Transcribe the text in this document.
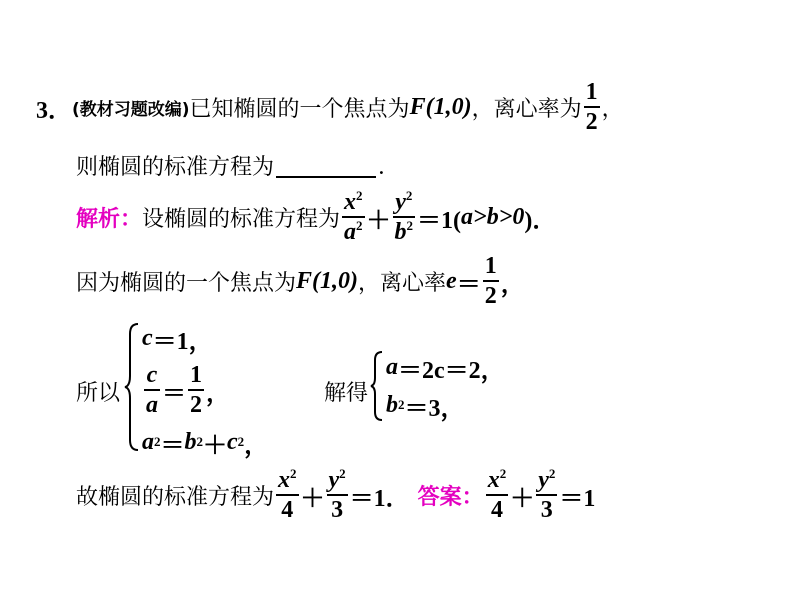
3． (教材习题改编) 已知椭圆的一个焦点为 F(1,0) ，离心率为 $\frac{1}{2}$ ，
则椭圆的标准方程为	．
解析： 设椭圆的标准方程为 $\frac{x^2}{a^2} + \frac{y^2}{b^2} =1$( a>b>0 )．
因为椭圆的一个焦点为 F(1,0) ，离心率 $e = \frac{1}{2}$ ，
所以
c ＝1，
$\frac{c}{a} = \frac{1}{2}$ ，
a 2 ＝ b 2 ＋ c 2 ，
解得
a ＝2c＝2，
b 2 ＝3，
故椭圆的标准方程为 $\frac{x^2}{4} + \frac{y^2}{3} =1$． 答案： $\frac{x^2}{4} + \frac{y^2}{3} =1$
